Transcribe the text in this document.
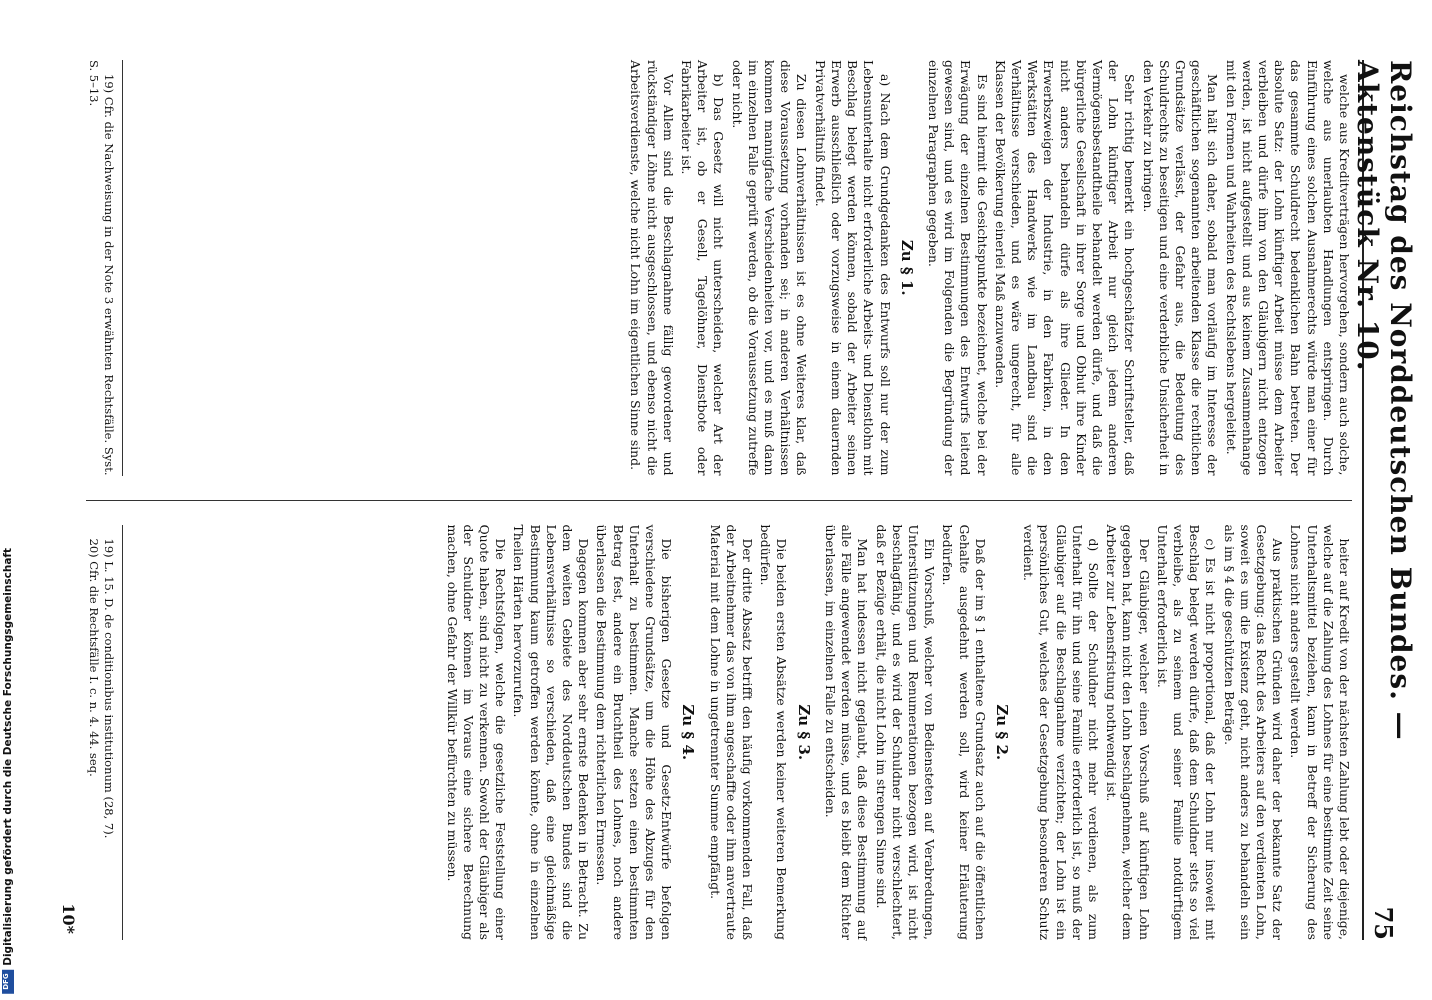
Reichstag des Norddeutschen Bundes. — Aktenstück Nr. 10.
75

welche aus Kreditverträgen hervorgehen, sondern auch solche, welche aus unerlaubten Handlungen entspringen. Durch Einführung eines solchen Ausnahmerechts würde man einer für das gesammte Schuldrecht bedenklichen Bahn betreten. Der absolute Satz: der Lohn künftiger Arbeit müsse dem Arbeiter verbleiben und dürfe ihm von den Gläubigern nicht entzogen werden, ist nicht aufgestellt und aus keinem Zusammenhange mit den Formen und Wahrheiten des Rechtslebens hergeleitet.

Man hält sich daher, sobald man vorläufig im Interesse der geschäftlichen sogenannten arbeitenden Klasse die rechtlichen Grundsätze verlässt, der Gefahr aus, die Bedeutung des Schuldrechts zu beseitigen und eine verderbliche Unsicherheit in den Verkehr zu bringen.

Sehr richtig bemerkt ein hochgeschätzter Schriftsteller, daß der Lohn künftiger Arbeit nur gleich jedem anderen Vermögensbestandtheile behandelt werden dürfe, und daß die bürgerliche Gesellschaft in ihrer Sorge und Obhut ihre Kinder nicht anders behandeln dürfe als ihre Glieder. In den Erwerbszweigen der Industrie, in den Fabriken, in den Werkstätten des Handwerks wie im Landbau sind die Verhältnisse verschieden, und es wäre ungerecht, für alle Klassen der Bevölkerung einerlei Maß anzuwenden.

Es sind hiermit die Gesichtspunkte bezeichnet, welche bei der Erwägung der einzelnen Bestimmungen des Entwurfs leitend gewesen sind, und es wird im Folgenden die Begründung der einzelnen Paragraphen gegeben.

Zu § 1.

a) Nach dem Grundgedanken des Entwurfs soll nur der zum Lebensunterhalte nicht erforderliche Arbeits- und Dienstlohn mit Beschlag belegt werden können, sobald der Arbeiter seinen Erwerb ausschließlich oder vorzugsweise in einem dauernden Privatverhältniß findet.

Zu diesen Lohnverhältnissen ist es ohne Weiteres klar, daß diese Voraussetzung vorhanden sei; in anderen Verhältnissen kommen mannigfache Verschiedenheiten vor, und es muß dann im einzelnen Falle geprüft werden, ob die Voraussetzung zutreffe oder nicht.

b) Das Gesetz will nicht unterscheiden, welcher Art der Arbeiter ist, ob er Gesell, Tagelöhner, Dienstbote oder Fabrikarbeiter ist.

Vor Allem sind die Beschlagnahme fällig gewordener und rückständiger Löhne nicht ausgeschlossen, und ebenso nicht die Arbeitsverdienste, welche nicht Lohn im eigentlichen Sinne sind.

19) Cfr. die Nachweisung in der Note 3 erwähnten Rechtsfälle. Syst. S. 5–13.

heiter auf Kredit von der nächsten Zahlung lebt oder diejenige, welche auf die Zahlung des Lohnes für eine bestimmte Zeit seine Unterhaltsmittel beziehen, kann in Betreff der Sicherung des Lohnes nicht anders gestellt werden.

Aus praktischen Gründen wird daher der bekannte Satz der Gesetzgebung: das Recht des Arbeiters auf den verdienten Lohn, soweit es um die Existenz geht, nicht anders zu behandeln sein als im § 4 die geschützten Beträge.

c) Es ist nicht proportional, daß der Lohn nur insoweit mit Beschlag belegt werden dürfe, daß dem Schuldner stets so viel verbleibe, als zu seinem und seiner Familie notdürftigem Unterhalt erforderlich ist.

Der Gläubiger, welcher einen Vorschuß auf künftigen Lohn gegeben hat, kann nicht den Lohn beschlagnehmen, welcher dem Arbeiter zur Lebensfristung nothwendig ist.

d) Sollte der Schuldner nicht mehr verdienen, als zum Unterhalt für ihn und seine Familie erforderlich ist, so muß der Gläubiger auf die Beschlagnahme verzichten; der Lohn ist ein persönliches Gut, welches der Gesetzgebung besonderen Schutz verdient.

Zu § 2.

Daß der im § 1 enthaltene Grundsatz auch auf die öffentlichen Gehalte ausgedehnt werden soll, wird keiner Erläuterung bedürfen.

Ein Vorschuß, welcher von Bediensteten auf Verabredungen, Unterstützungen und Renumerationen bezogen wird, ist nicht beschlagfähig, und es wird der Schuldner nicht verschlechtert, daß er Bezüge erhält, die nicht Lohn im strengen Sinne sind.

Man hat indessen nicht geglaubt, daß diese Bestimmung auf alle Fälle angewendet werden müsse, und es bleibt dem Richter überlassen, im einzelnen Falle zu entscheiden.

Zu § 3.

Die beiden ersten Absätze werden keiner weiteren Bemerkung bedürfen.

Der dritte Absatz betrifft den häufig vorkommenden Fall, daß der Arbeitnehmer das von ihm angeschaffte oder ihm anvertraute Material mit dem Lohne in ungetrennter Summe empfängt.

Zu § 4.

Die bisherigen Gesetze und Gesetz-Entwürfe befolgen verschiedene Grundsätze, um die Höhe des Abzuges für den Unterhalt zu bestimmen. Manche setzen einen bestimmten Betrag fest, andere ein Bruchtheil des Lohnes, noch andere überlassen die Bestimmung dem richterlichen Ermessen.

Dagegen kommen aber sehr ernste Bedenken in Betracht. Zu dem weiten Gebiete des Norddeutschen Bundes sind die Lebensverhältnisse so verschieden, daß eine gleichmäßige Bestimmung kaum getroffen werden könnte, ohne in einzelnen Theilen Härten hervorzurufen.

Die Rechtsfolgen, welche die gesetzliche Feststellung einer Quote haben, sind nicht zu verkennen. Sowohl der Gläubiger als der Schuldner können im Voraus eine sichere Berechnung machen, ohne Gefahr der Willkür befürchten zu müssen.

19) L. 15. D. de conditionibus institutionum (28, 7).

20) Cfr. die Rechtsfälle I. c. n. 4. 44. seq.

10*
DFG
Digitalisierung gefördert durch die Deutsche Forschungsgemeinschaft
